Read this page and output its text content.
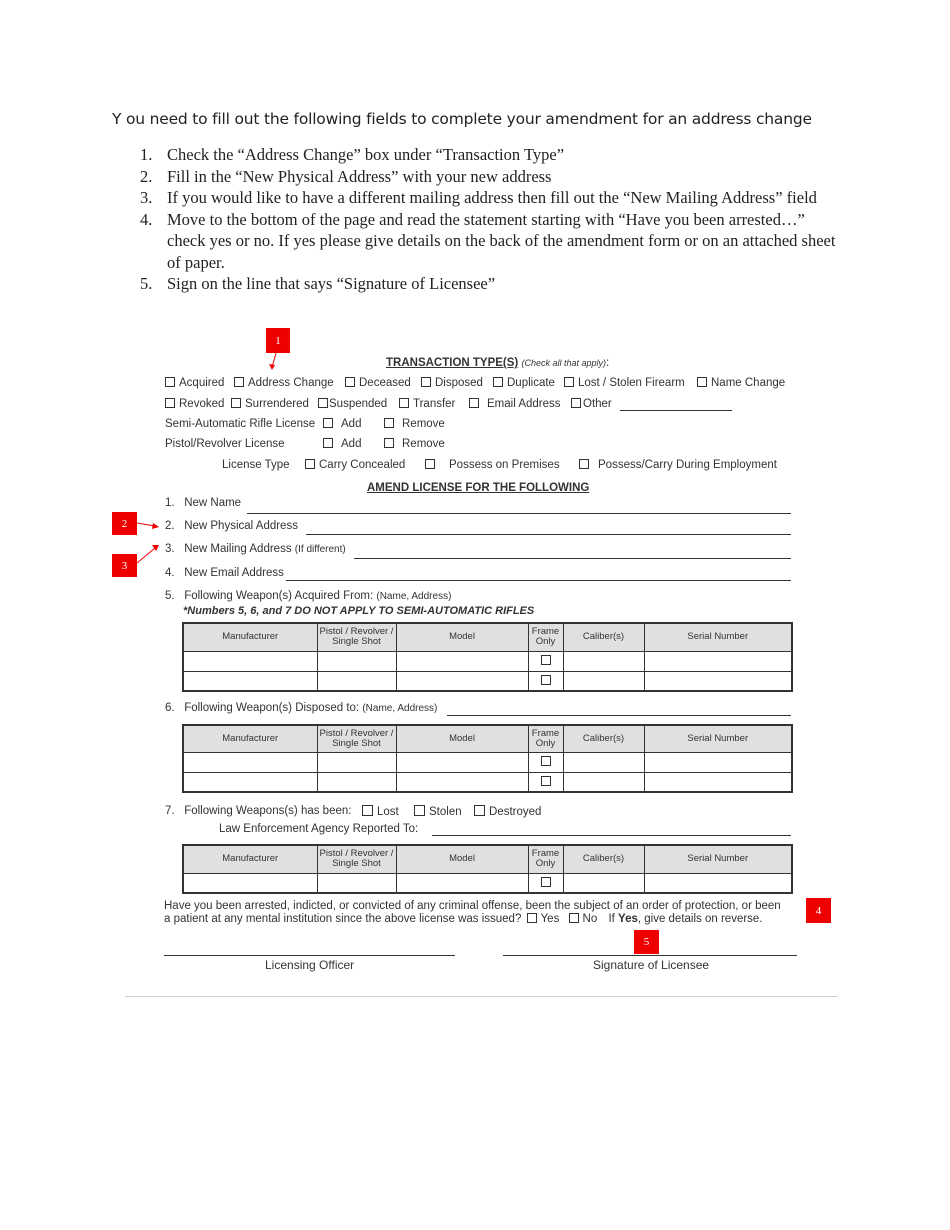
Y ou need to fill out the following fields to complete your amendment for an address change
1. Check the “Address Change” box under “Transaction Type”
2. Fill in the “New Physical Address” with your new address
3. If you would like to have a different mailing address then fill out the “New Mailing Address” field
4. Move to the bottom of the page and read the statement starting with “Have you been arrested…” check yes or no. If yes please give details on the back of the amendment form or on an attached sheet of paper.
5. Sign on the line that says “Signature of Licensee”
1
TRANSACTION TYPE(S) (Check all that apply):
Acquired	Address Change	Deceased	Disposed	Duplicate	Lost / Stolen Firearm	Name Change
Revoked	Surrendered	Suspended	Transfer	Email Address	Other
Semi-Automatic Rifle License	Add	Remove
Pistol/Revolver License	Add	Remove
License Type	Carry Concealed	Possess on Premises	Possess/Carry During Employment
AMEND LICENSE FOR THE FOLLOWING
1. New Name
2	2. New Physical Address
3
3. New Mailing Address (If different)
4. New Email Address
5. Following Weapon(s) Acquired From: (Name, Address)
*Numbers 5, 6, and 7 DO NOT APPLY TO SEMI-AUTOMATIC RIFLES
Manufacturer	Pistol / Revolver / Single Shot	Model	Frame Only	Caliber(s)	Serial Number

6. Following Weapon(s) Disposed to: (Name, Address)
Manufacturer	Pistol / Revolver / Single Shot	Model	Frame Only	Caliber(s)	Serial Number

7. Following Weapons(s) has been:	Lost	Stolen	Destroyed
Law Enforcement Agency Reported To:
Manufacturer	Pistol / Revolver / Single Shot	Model	Frame Only	Caliber(s)	Serial Number

Have you been arrested, indicted, or convicted of any criminal offense, been the subject of an order of protection, or been
a patient at any mental institution since the above license was issued? Yes No If Yes, give details on reverse.
4
5
Licensing Officer	Signature of Licensee
